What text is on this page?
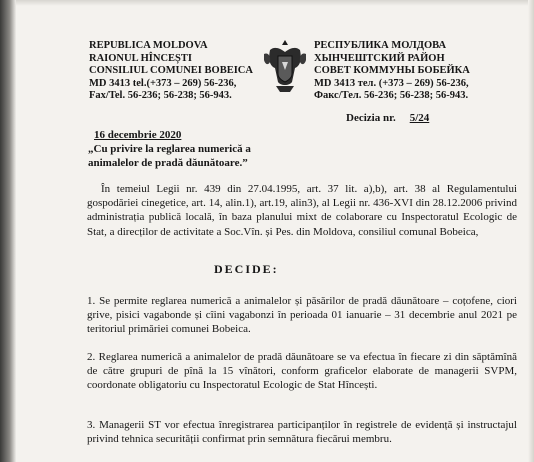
REPUBLICA MOLDOVA
RAIONUL HÎNCEȘTI
CONSILIUL COMUNEI BOBEICA
MD 3413 tel.(+373 – 269) 56-236,
Fax/Tel. 56-236; 56-238; 56-943.
РЕСПУБЛИКА МОЛДОВА
ХЫНЧЕШТСКИЙ РАЙОН
СОВЕТ КОММУНЫ БОБЕЙКА
MD 3413 тел. (+373 – 269) 56-236,
Факс/Тел. 56-236; 56-238; 56-943.
Decizia nr. 5/24
16 decembrie 2020
„Cu privire la reglarea numerică a
animalelor de pradă dăunătoare.”
În temeiul Legii nr. 439 din 27.04.1995, art. 37 lit. a),b), art. 38 al Regulamentului gospodăriei cinegetice, art. 14, alin.1), art.19, alin3), al Legii nr. 436-XVI din 28.12.2006 privind administrația publică locală, în baza planului mixt de colaborare cu Inspectoratul Ecologic de Stat, a direcților de activitate a Soc.Vîn. și Pes. din Moldova, consiliul comunal Bobeica,
DECIDE:
1. Se permite reglarea numerică a animalelor și păsărilor de pradă dăunătoare – coțofene, ciori grive, pisici vagabonde și cîini vagabonzi în perioada 01 ianuarie – 31 decembrie anul 2021 pe teritoriul primăriei comunei Bobeica.
2. Reglarea numerică a animalelor de pradă dăunătoare se va efectua în fiecare zi din săptămînă de către grupuri de pînă la 15 vînători, conform graficelor elaborate de managerii SVPM, coordonate obligatoriu cu Inspectoratul Ecologic de Stat Hîncești.
3. Managerii ST vor efectua înregistrarea participanților în registrele de evidență și instructajul privind tehnica securității confirmat prin semnătura fiecărui membru.
